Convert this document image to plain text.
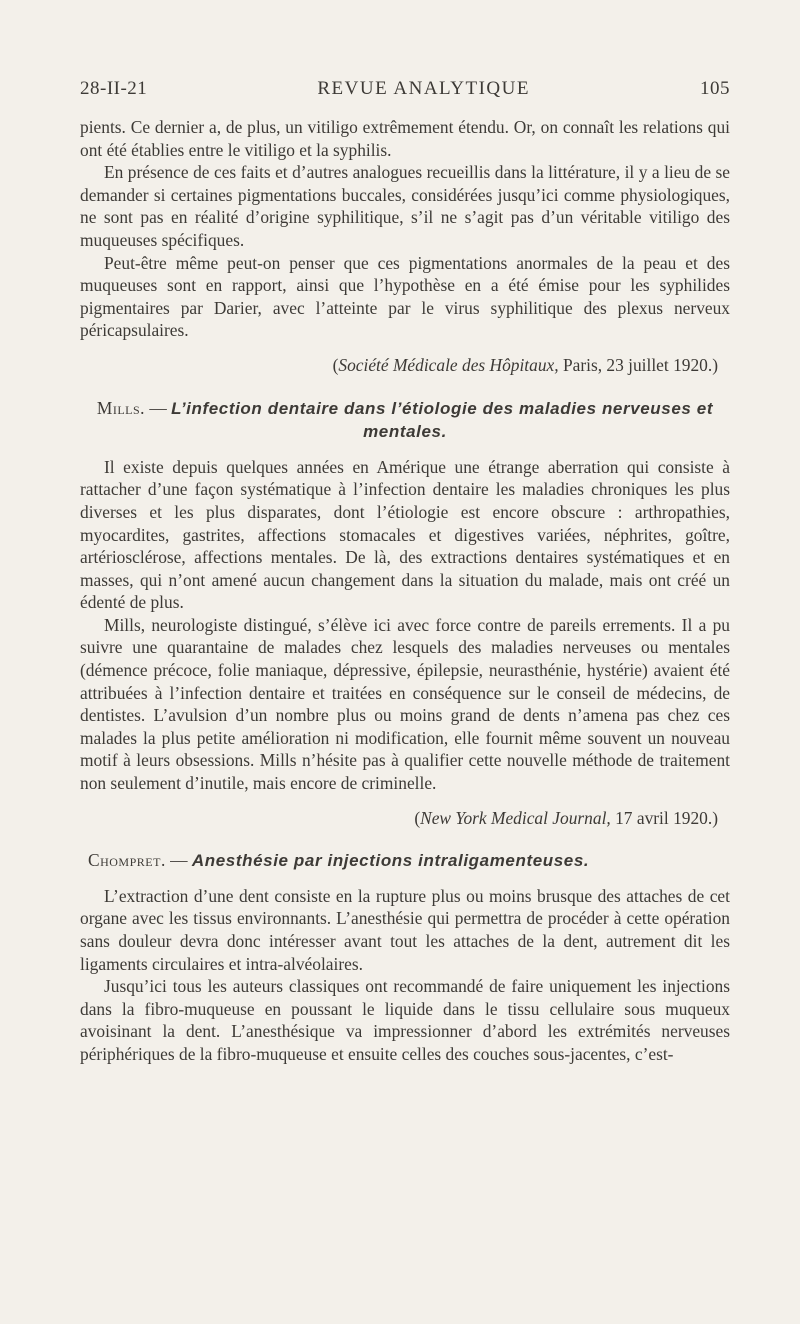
28-II-21	REVUE ANALYTIQUE	105

pients. Ce dernier a, de plus, un vitiligo extrêmement étendu. Or, on connaît les relations qui ont été établies entre le vitiligo et la syphilis.

En présence de ces faits et d’autres analogues recueillis dans la littérature, il y a lieu de se demander si certaines pigmentations buccales, considérées jusqu’ici comme physiologiques, ne sont pas en réalité d’origine syphilitique, s’il ne s’agit pas d’un véritable vitiligo des muqueuses spécifiques.

Peut-être même peut-on penser que ces pigmentations anormales de la peau et des muqueuses sont en rapport, ainsi que l’hypothèse en a été émise pour les syphilides pigmentaires par Darier, avec l’atteinte par le virus syphilitique des plexus nerveux péricapsulaires.

(Société Médicale des Hôpitaux, Paris, 23 juillet 1920.)
Mills. — L’infection dentaire dans l’étiologie des maladies nerveuses et mentales.

Il existe depuis quelques années en Amérique une étrange aberration qui consiste à rattacher d’une façon systématique à l’infection dentaire les maladies chroniques les plus diverses et les plus disparates, dont l’étiologie est encore obscure : arthropathies, myocardites, gastrites, affections stomacales et digestives variées, néphrites, goître, artériosclérose, affections mentales. De là, des extractions dentaires systématiques et en masses, qui n’ont amené aucun changement dans la situation du malade, mais ont créé un édenté de plus.

Mills, neurologiste distingué, s’élève ici avec force contre de pareils errements. Il a pu suivre une quarantaine de malades chez lesquels des maladies nerveuses ou mentales (démence précoce, folie maniaque, dépressive, épilepsie, neurasthénie, hystérie) avaient été attribuées à l’infection dentaire et traitées en conséquence sur le conseil de médecins, de dentistes. L’avulsion d’un nombre plus ou moins grand de dents n’amena pas chez ces malades la plus petite amélioration ni modification, elle fournit même souvent un nouveau motif à leurs obsessions. Mills n’hésite pas à qualifier cette nouvelle méthode de traitement non seulement d’inutile, mais encore de criminelle.

(New York Medical Journal, 17 avril 1920.)
Chompret. — Anesthésie par injections intraligamenteuses.

L’extraction d’une dent consiste en la rupture plus ou moins brusque des attaches de cet organe avec les tissus environnants. L’anesthésie qui permettra de procéder à cette opération sans douleur devra donc intéresser avant tout les attaches de la dent, autrement dit les ligaments circulaires et intra-alvéolaires.

Jusqu’ici tous les auteurs classiques ont recommandé de faire uniquement les injections dans la fibro-muqueuse en poussant le liquide dans le tissu cellulaire sous muqueux avoisinant la dent. L’anesthésique va impressionner d’abord les extrémités nerveuses périphériques de la fibro-muqueuse et ensuite celles des couches sous-jacentes, c’est-
